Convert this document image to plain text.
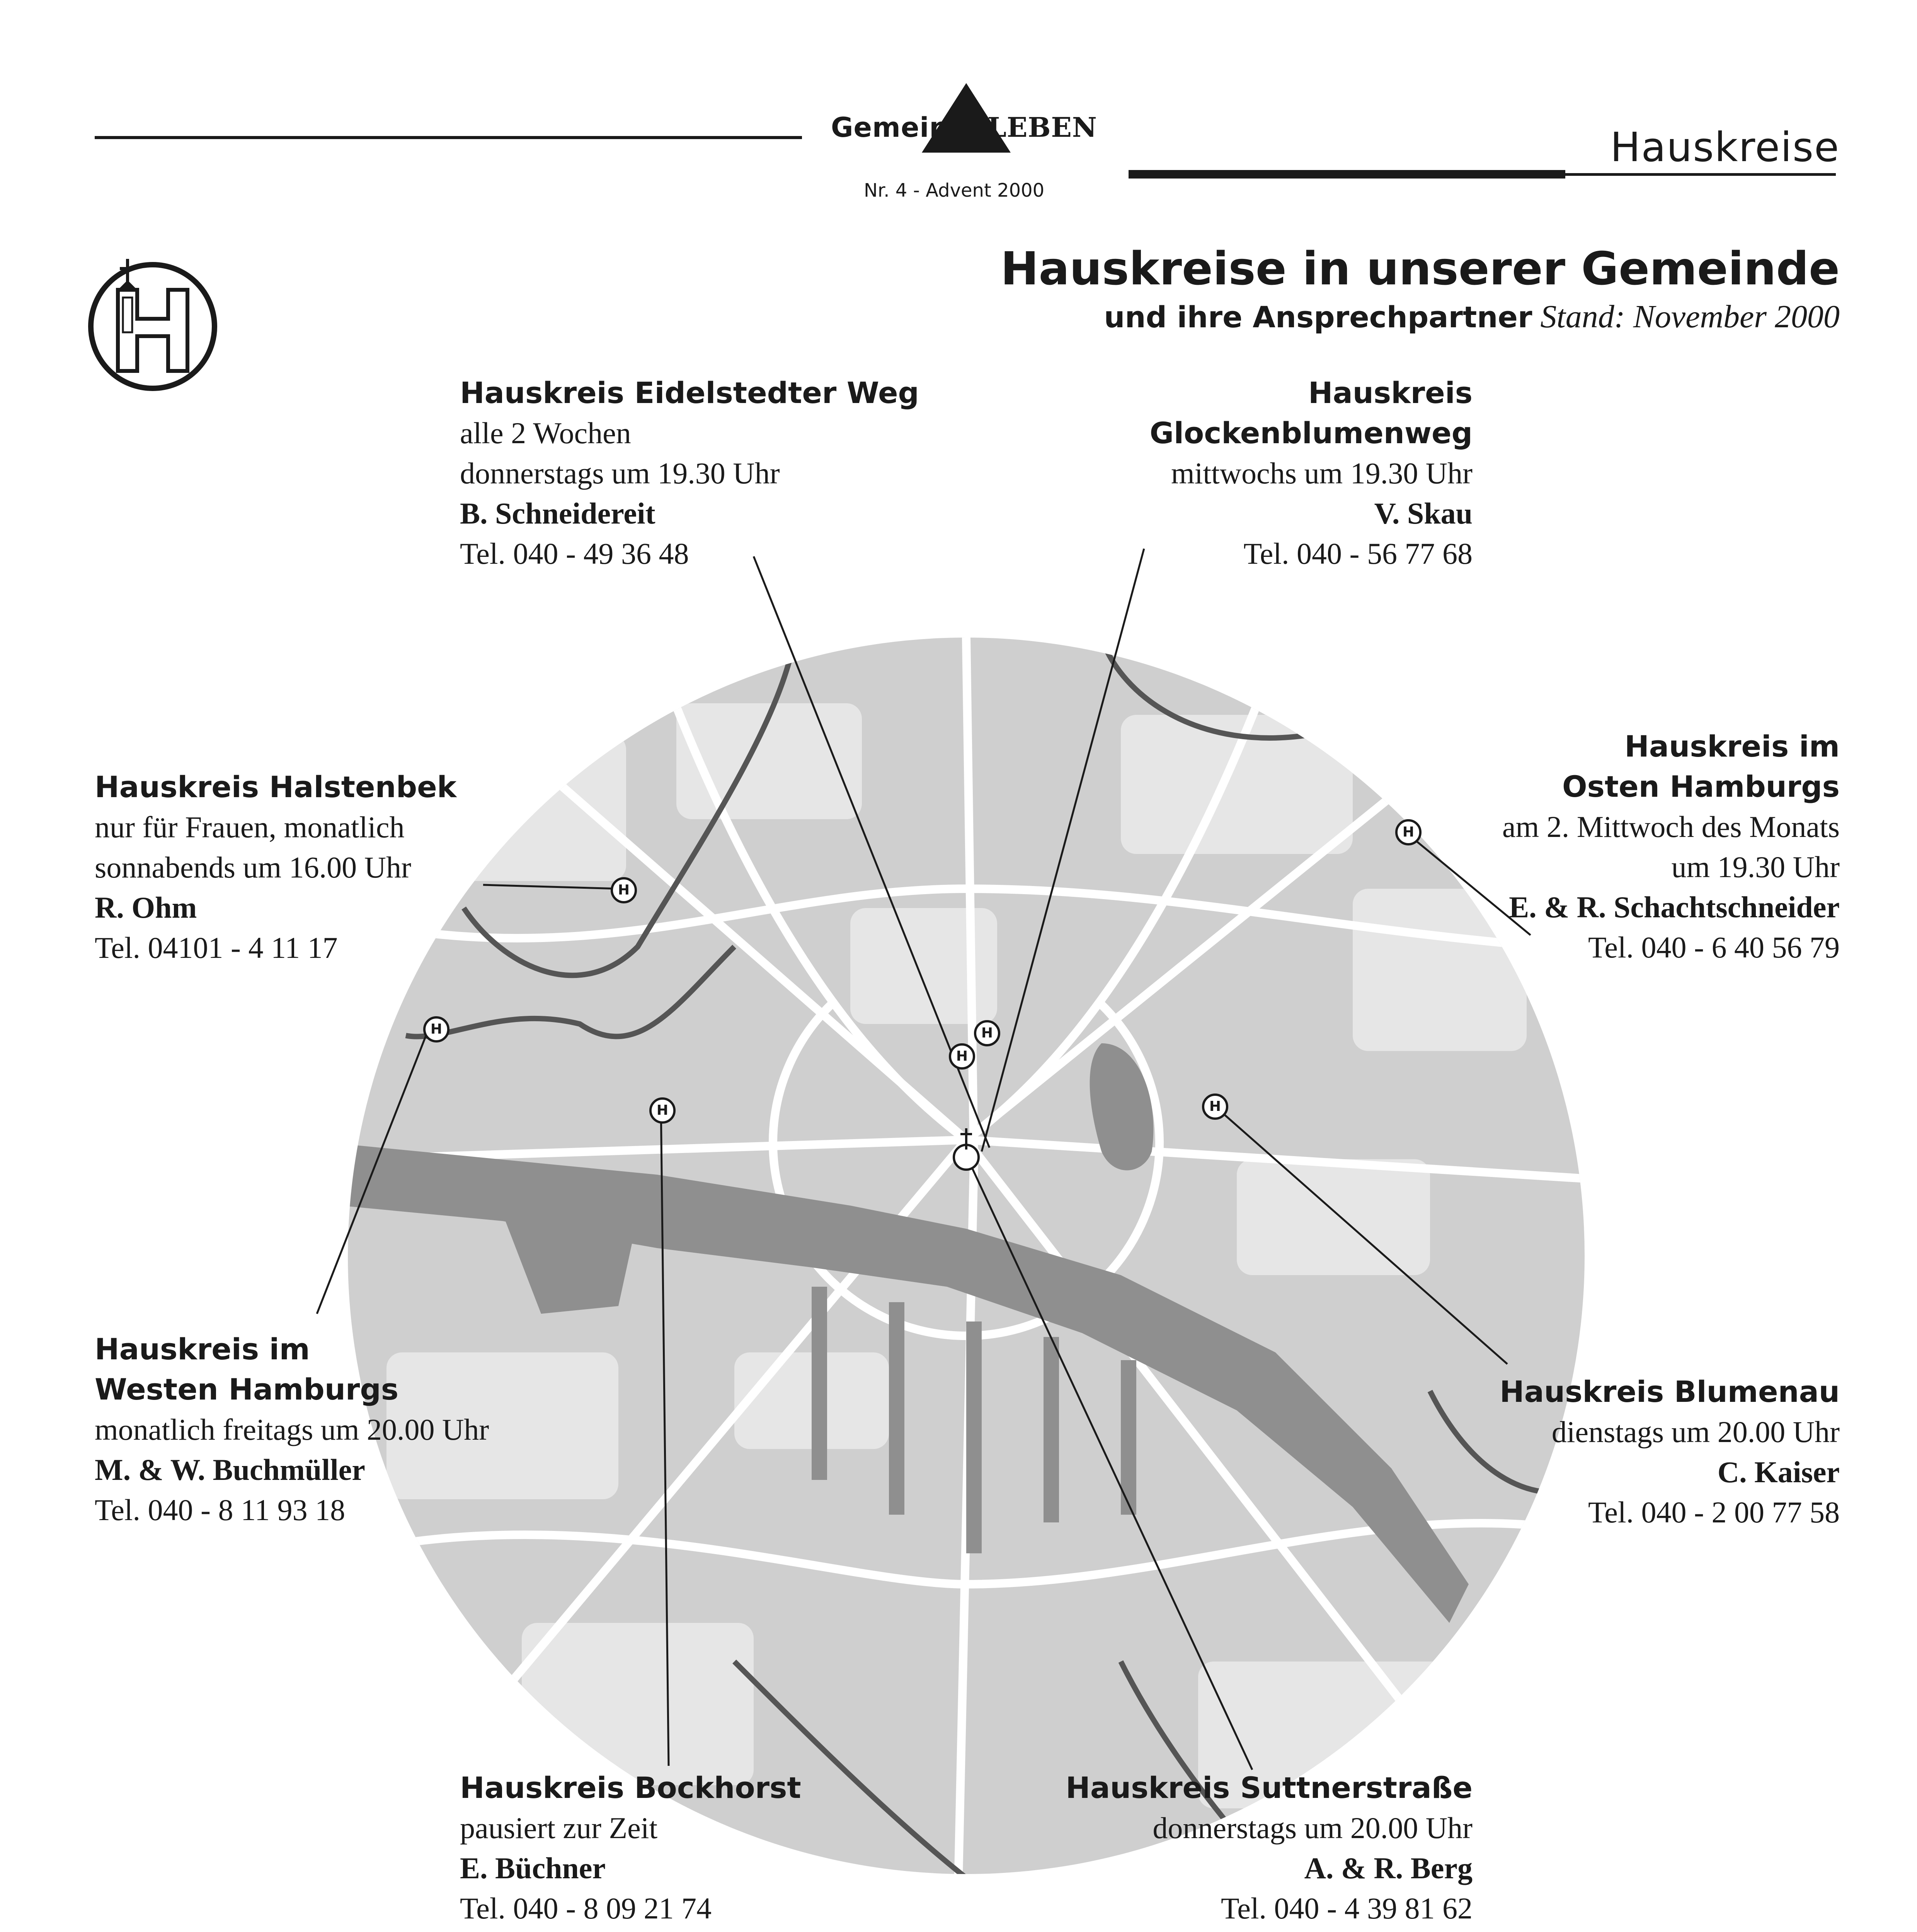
GemeindeLEBEN
Nr. 4 - Advent 2000
Hauskreise
Hauskreise in unserer Gemeinde
und ihre Ansprechpartner Stand: November 2000
H
H
H
H
H
H
H
Hauskreis Eidelstedter Weg
alle 2 Wochen
donnerstags um 19.30 Uhr
B. Schneidereit
Tel. 040 - 49 36 48
Hauskreis
Glockenblumenweg
mittwochs um 19.30 Uhr
V. Skau
Tel. 040 - 56 77 68
Hauskreis Halstenbek
nur für Frauen, monatlich
sonnabends um 16.00 Uhr
R. Ohm
Tel. 04101 - 4 11 17
Hauskreis im
Osten Hamburgs
am 2. Mittwoch des Monats
um 19.30 Uhr
E. & R. Schachtschneider
Tel. 040 - 6 40 56 79
Hauskreis im
Westen Hamburgs
monatlich freitags um 20.00 Uhr
M. & W. Buchmüller
Tel. 040 - 8 11 93 18
Hauskreis Blumenau
dienstags um 20.00 Uhr
C. Kaiser
Tel. 040 - 2 00 77 58
Hauskreis Bockhorst
pausiert zur Zeit
E. Büchner
Tel. 040 - 8 09 21 74
Hauskreis Suttnerstraße
donnerstags um 20.00 Uhr
A. & R. Berg
Tel. 040 - 4 39 81 62
